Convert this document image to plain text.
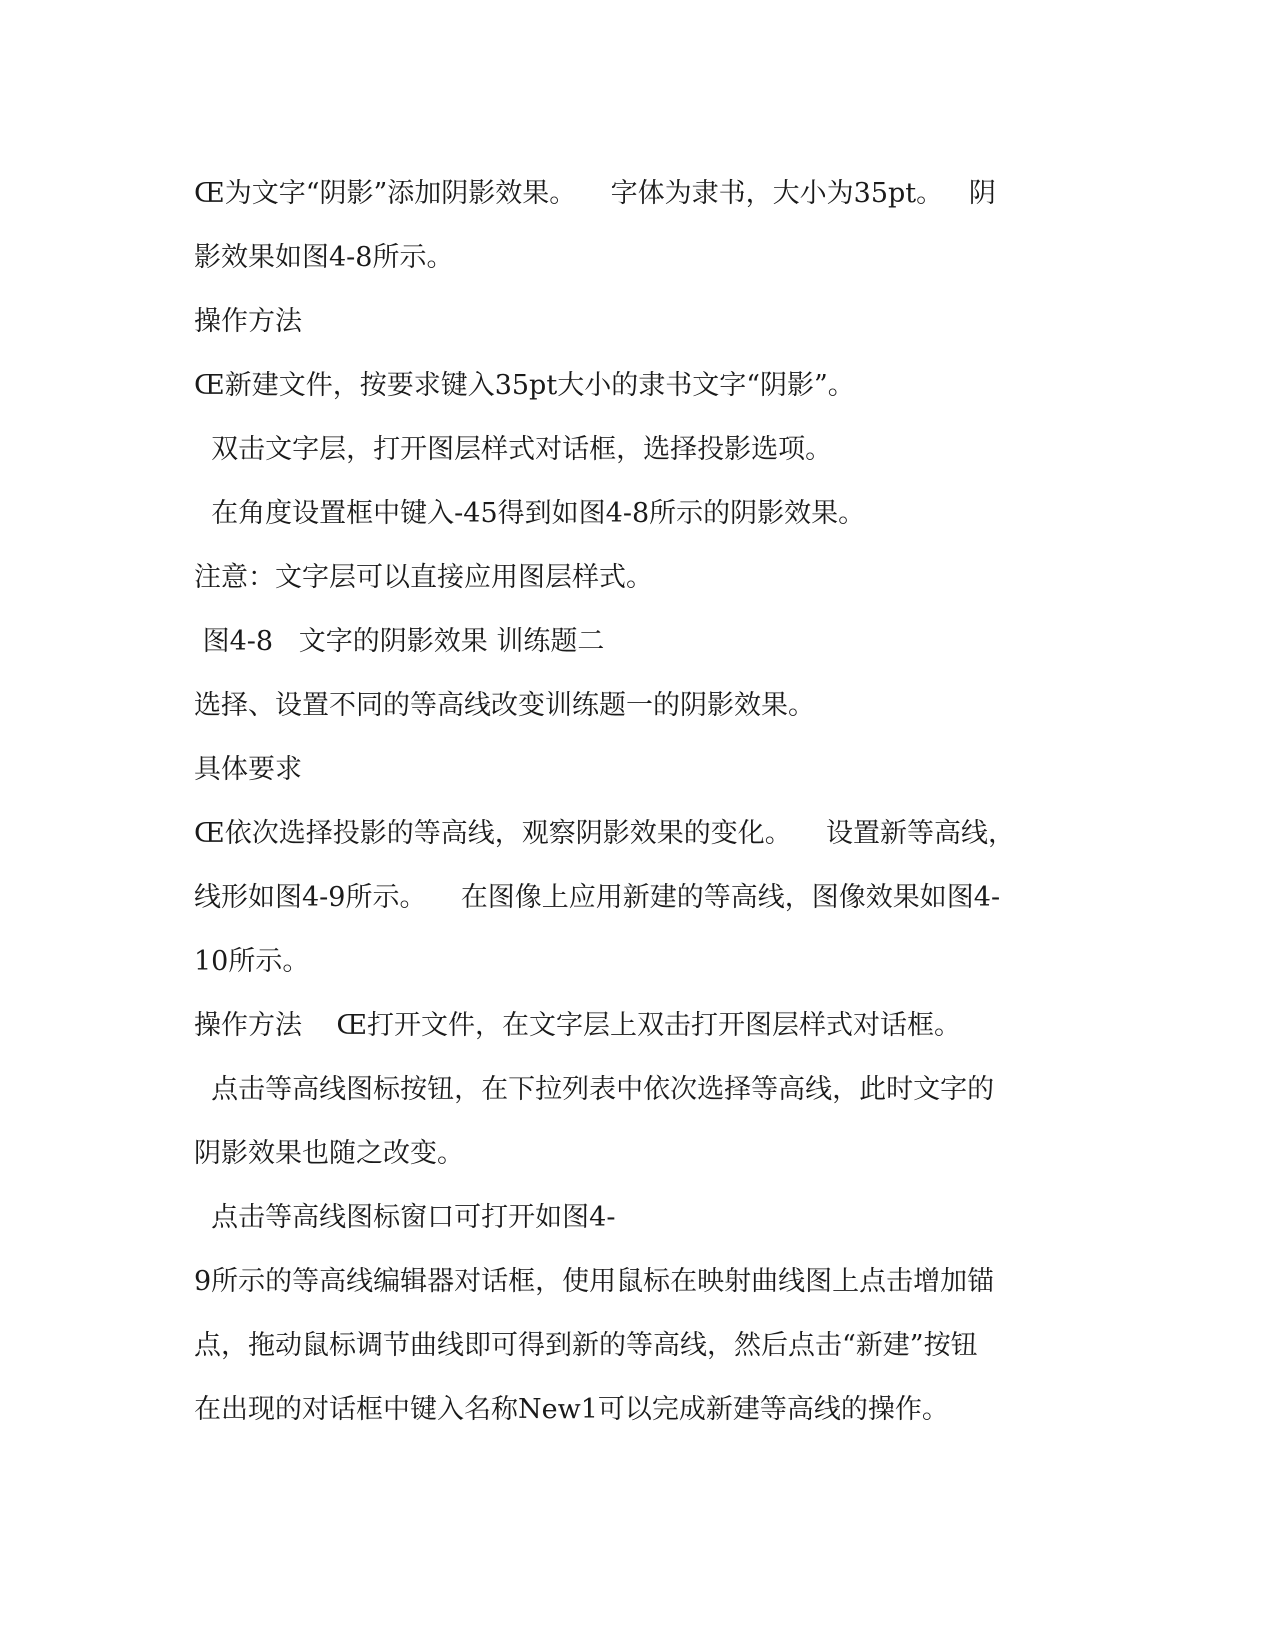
Œ为文字“阴影”添加阴影效果。    字体为隶书，大小为35pt。   阴
影效果如图4-8所示。
操作方法
Œ新建文件，按要求键入35pt大小的隶书文字“阴影”。
双击文字层，打开图层样式对话框，选择投影选项。
在角度设置框中键入-45得到如图4-8所示的阴影效果。
注意：文字层可以直接应用图层样式。
图4-8   文字的阴影效果 训练题二
选择、设置不同的等高线改变训练题一的阴影效果。
具体要求
Œ依次选择投影的等高线，观察阴影效果的变化。    设置新等高线，
线形如图4-9所示。    在图像上应用新建的等高线，图像效果如图4-
10所示。
操作方法    Œ打开文件，在文字层上双击打开图层样式对话框。
点击等高线图标按钮，在下拉列表中依次选择等高线，此时文字的
阴影效果也随之改变。
点击等高线图标窗口可打开如图4-
9所示的等高线编辑器对话框，使用鼠标在映射曲线图上点击增加锚
点，拖动鼠标调节曲线即可得到新的等高线，然后点击“新建”按钮
在出现的对话框中键入名称New1可以完成新建等高线的操作。
